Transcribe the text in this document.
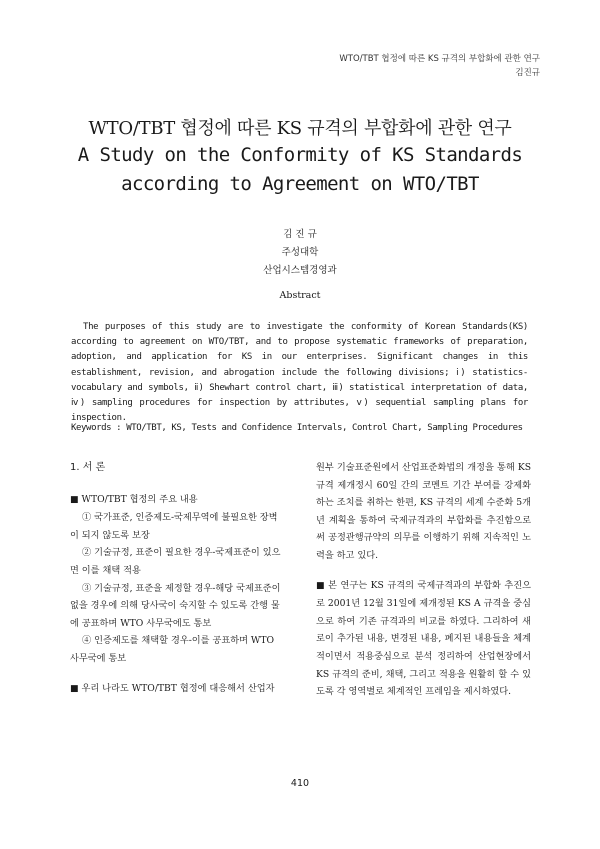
WTO/TBT 협정에 따른 KS 규격의 부합화에 관한 연구
김진규
WTO/TBT 협정에 따른 KS 규격의 부합화에 관한 연구
A Study on the Conformity of KS Standards
according to Agreement on WTO/TBT
김 진 규
주성대학
산업시스템경영과
Abstract

The purposes of this study are to investigate the conformity of Korean Standards(KS) according to agreement on WTO/TBT, and to propose systematic frameworks of preparation, adoption, and application for KS in our enterprises. Significant changes in this establishment, revision, and abrogation include the following divisions; ⅰ) statistics-vocabulary and symbols, ⅱ) Shewhart control chart, ⅲ) statistical interpretation of data, ⅳ) sampling procedures for inspection by attributes, ⅴ) sequential sampling plans for inspection.

Keywords : WTO/TBT, KS, Tests and Confidence Intervals, Control Chart, Sampling Procedures
1. 서 론

■ WTO/TBT 협정의 주요 내용

① 국가표준, 인증제도-국제무역에 불필요한 장벽이 되지 않도록 보장

② 기술규정, 표준이 필요한 경우-국제표준이 있으면 이를 채택 적용

③ 기술규정, 표준을 제정할 경우-해당 국제표준이 없을 경우에 의해 당사국이 숙지할 수 있도록 간행 물에 공표하며 WTO 사무국에도 통보

④ 인증제도를 채택할 경우-이를 공표하며 WTO 사무국에 통보

■ 우리 나라도 WTO/TBT 협정에 대응해서 산업자

원부 기술표준원에서 산업표준화법의 개정을 통해 KS 규격 제개정시 60일 간의 코멘트 기간 부여를 강제화하는 조치를 취하는 한편, KS 규격의 세계 수준화 5개년 계획을 통하여 국제규격과의 부합화를 추진함으로써 공정관행규약의 의무를 이행하기 위해 지속적인 노력을 하고 있다.

■ 본 연구는 KS 규격의 국제규격과의 부합화 추진으로 2001년 12월 31일에 제개정된 KS A 규격을 중심으로 하여 기존 규격과의 비교를 하였다. 그리하여 새로이 추가된 내용, 변경된 내용, 폐지된 내용들을 체계적이면서 적용중심으로 분석 정리하여 산업현장에서 KS 규격의 준비, 채택, 그리고 적용을 원활히 할 수 있도록 각 영역별로 체계적인 프레임을 제시하였다.

410
